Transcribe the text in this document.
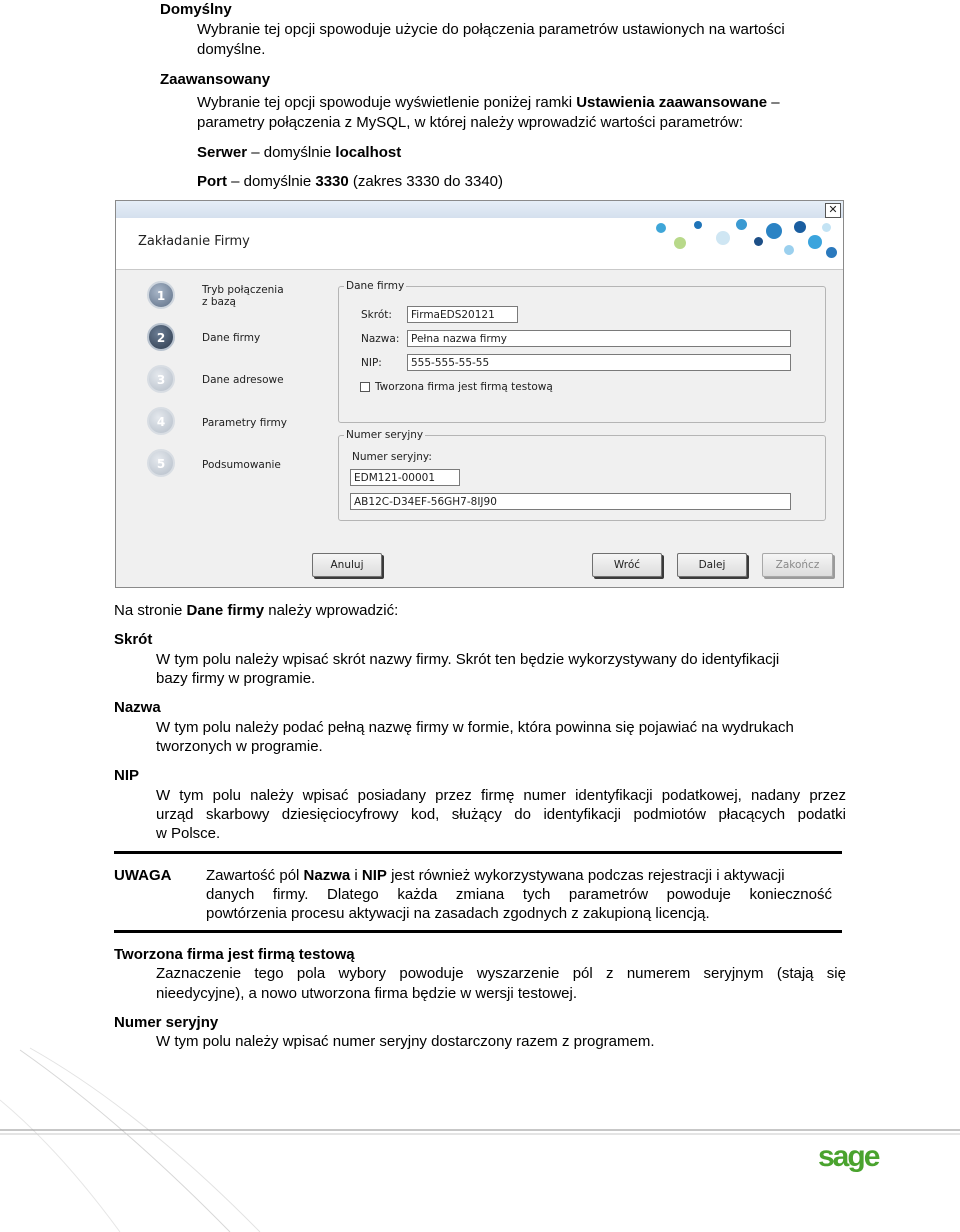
Domyślny
Wybranie tej opcji spowoduje użycie do połączenia parametrów ustawionych na wartości
domyślne.
Zaawansowany
Wybranie tej opcji spowoduje wyświetlenie poniżej ramki Ustawienia zaawansowane –
parametry połączenia z MySQL, w której należy wprowadzić wartości parametrów:
Serwer – domyślnie localhost
Port – domyślnie 3330 (zakres 3330 do 3340)
✕
Zakładanie Firmy
1	Tryb połączenia z bazą
2	Dane firmy
3	Dane adresowe
4	Parametry firmy
5	Podsumowanie
Dane firmy
Skrót:
FirmaEDS20121
Nazwa:
Pełna nazwa firmy
NIP:
555-555-55-55
Tworzona firma jest firmą testową
Numer seryjny
Numer seryjny:
EDM121-00001
AB12C-D34EF-56GH7-8IJ90
Anuluj	Wróć	Dalej	Zakończ
Na stronie Dane firmy należy wprowadzić:
Skrót
W tym polu należy wpisać skrót nazwy firmy. Skrót ten będzie wykorzystywany do identyfikacji
bazy firmy w programie.
Nazwa
W tym polu należy podać pełną nazwę firmy w formie, która powinna się pojawiać na wydrukach
tworzonych w programie.
NIP
W tym polu należy wpisać posiadany przez firmę numer identyfikacji podatkowej, nadany przez
urząd skarbowy dziesięciocyfrowy kod, służący do identyfikacji podmiotów płacących podatki
w Polsce.
UWAGA Zawartość pól Nazwa i NIP jest również wykorzystywana podczas rejestracji i aktywacji
danych firmy. Dlatego każda zmiana tych parametrów powoduje konieczność
powtórzenia procesu aktywacji na zasadach zgodnych z zakupioną licencją.
Tworzona firma jest firmą testową
Zaznaczenie tego pola wybory powoduje wyszarzenie pól z numerem seryjnym (stają się
nieedycyjne), a nowo utworzona firma będzie w wersji testowej.
Numer seryjny
W tym polu należy wpisać numer seryjny dostarczony razem z programem.
sage
